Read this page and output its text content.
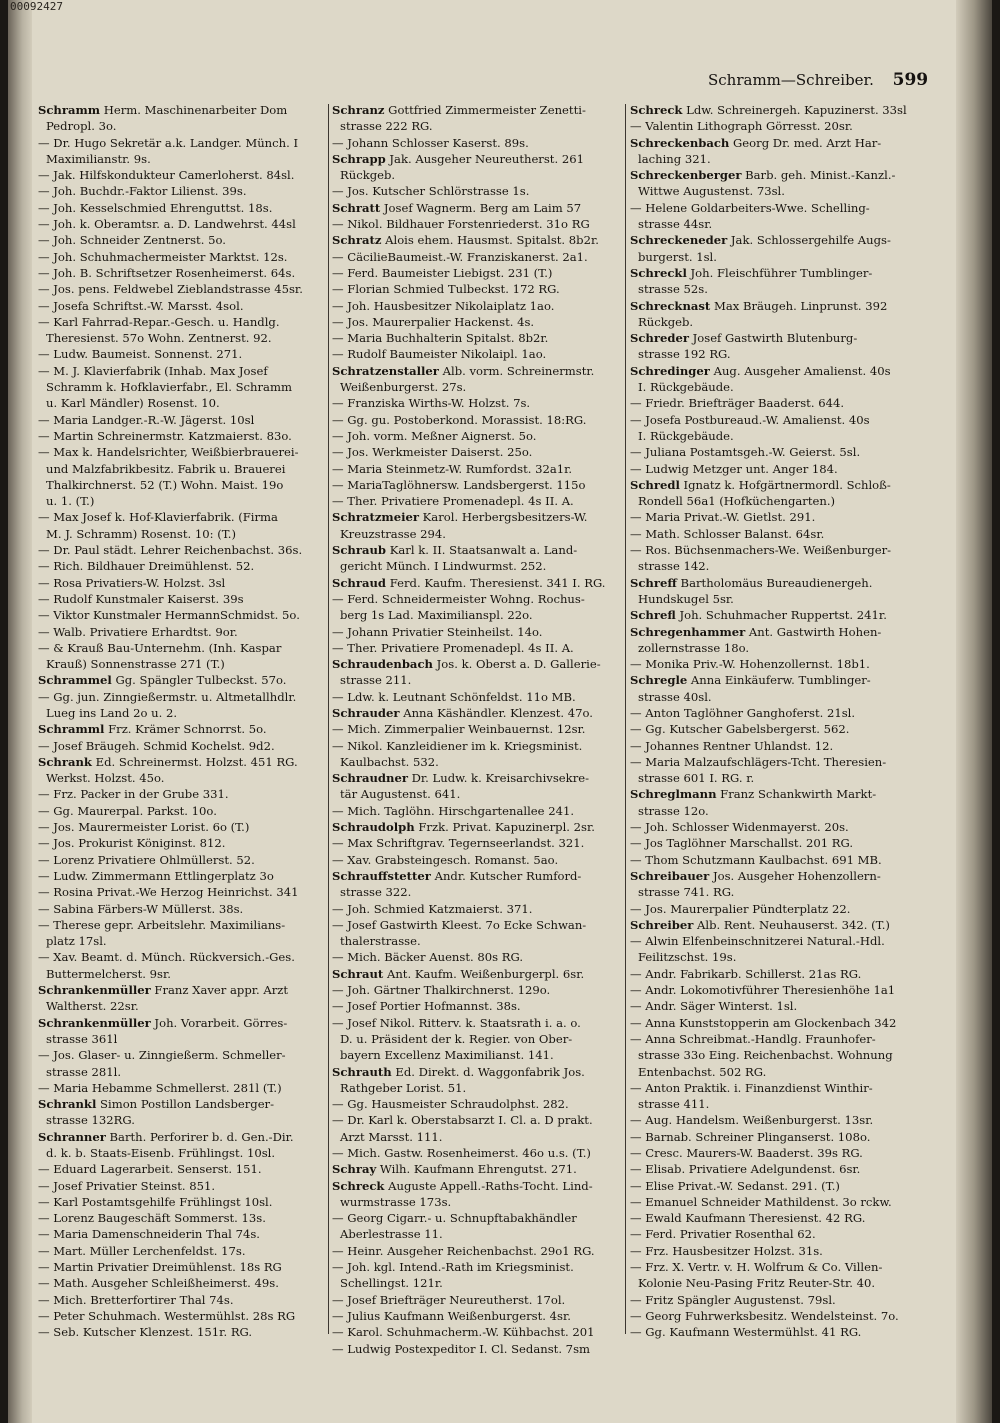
00092427
Schramm—Schreiber. 599
Schramm Herm. Maschinenarbeiter Dom
Pedropl. 3o.
— Dr. Hugo Sekretär a.k. Landger. Münch. I
Maximilianstr. 9s.
— Jak. Hilfskondukteur Camerloherst. 84sl.
— Joh. Buchdr.-Faktor Lilienst. 39s.
— Joh. Kesselschmied Ehrenguttst. 18s.
— Joh. k. Oberamtsr. a. D. Landwehrst. 44sl
— Joh. Schneider Zentnerst. 5o.
— Joh. Schuhmachermeister Marktst. 12s.
— Joh. B. Schriftsetzer Rosenheimerst. 64s.
— Jos. pens. Feldwebel Zieblandstrasse 45sr.
— Josefa Schriftst.-W. Marsst. 4sol.
— Karl Fahrrad-Repar.-Gesch. u. Handlg.
Theresienst. 57o Wohn. Zentnerst. 92.
— Ludw. Baumeist. Sonnenst. 271.
— M. J. Klavierfabrik (Inhab. Max Josef
Schramm k. Hofklavierfabr., El. Schramm
u. Karl Mändler) Rosenst. 10.
— Maria Landger.-R.-W. Jägerst. 10sl
— Martin Schreinermstr. Katzmaierst. 83o.
— Max k. Handelsrichter, Weißbierbrauerei-
und Malzfabrikbesitz. Fabrik u. Brauerei
Thalkirchnerst. 52 (T.) Wohn. Maist. 19o
u. 1. (T.)
— Max Josef k. Hof-Klavierfabrik. (Firma
M. J. Schramm) Rosenst. 10: (T.)
— Dr. Paul städt. Lehrer Reichenbachst. 36s.
— Rich. Bildhauer Dreimühlenst. 52.
— Rosa Privatiers-W. Holzst. 3sl
— Rudolf Kunstmaler Kaiserst. 39s
— Viktor Kunstmaler HermannSchmidst. 5o.
— Walb. Privatiere Erhardtst. 9or.
— & Krauß Bau-Unternehm. (Inh. Kaspar
Krauß) Sonnenstrasse 271 (T.)
Schrammel Gg. Spängler Tulbeckst. 57o.
— Gg. jun. Zinngießermstr. u. Altmetallhdlr.
Lueg ins Land 2o u. 2.
Schramml Frz. Krämer Schnorrst. 5o.
— Josef Bräugeh. Schmid Kochelst. 9d2.
Schrank Ed. Schreinermst. Holzst. 451 RG.
Werkst. Holzst. 45o.
— Frz. Packer in der Grube 331.
— Gg. Maurerpal. Parkst. 10o.
— Jos. Maurermeister Lorist. 6o (T.)
— Jos. Prokurist Königinst. 812.
— Lorenz Privatiere Ohlmüllerst. 52.
— Ludw. Zimmermann Ettlingerplatz 3o
— Rosina Privat.-We Herzog Heinrichst. 341
— Sabina Färbers-W Müllerst. 38s.
— Therese gepr. Arbeitslehr. Maximilians-
platz 17sl.
— Xav. Beamt. d. Münch. Rückversich.-Ges.
Buttermelcherst. 9sr.
Schrankenmüller Franz Xaver appr. Arzt
Waltherst. 22sr.
Schrankenmüller Joh. Vorarbeit. Görres-
strasse 361l
— Jos. Glaser- u. Zinngießerm. Schmeller-
strasse 281l.
— Maria Hebamme Schmellerst. 281l (T.)
Schrankl Simon Postillon Landsberger-
strasse 132RG.
Schranner Barth. Perforirer b. d. Gen.-Dir.
d. k. b. Staats-Eisenb. Frühlingst. 10sl.
— Eduard Lagerarbeit. Senserst. 151.
— Josef Privatier Steinst. 851.
— Karl Postamtsgehilfe Frühlingst 10sl.
— Lorenz Baugeschäft Sommerst. 13s.
— Maria Damenschneiderin Thal 74s.
— Mart. Müller Lerchenfeldst. 17s.
— Martin Privatier Dreimühlenst. 18s RG
— Math. Ausgeher Schleißheimerst. 49s.
— Mich. Bretterfortirer Thal 74s.
— Peter Schuhmach. Westermühlst. 28s RG
— Seb. Kutscher Klenzest. 151r. RG.
Schranz Gottfried Zimmermeister Zenetti-
strasse 222 RG.
— Johann Schlosser Kaserst. 89s.
Schrapp Jak. Ausgeher Neureutherst. 261
Rückgeb.
— Jos. Kutscher Schlörstrasse 1s.
Schratt Josef Wagnerm. Berg am Laim 57
— Nikol. Bildhauer Forstenriederst. 31o RG
Schratz Alois ehem. Hausmst. Spitalst. 8b2r.
— CäcilieBaumeist.-W. Franziskanerst. 2a1.
— Ferd. Baumeister Liebigst. 231 (T.)
— Florian Schmied Tulbeckst. 172 RG.
— Joh. Hausbesitzer Nikolaiplatz 1ao.
— Jos. Maurerpalier Hackenst. 4s.
— Maria Buchhalterin Spitalst. 8b2r.
— Rudolf Baumeister Nikolaipl. 1ao.
Schratzenstaller Alb. vorm. Schreinermstr.
Weißenburgerst. 27s.
— Franziska Wirths-W. Holzst. 7s.
— Gg. gu. Postoberkond. Morassist. 18:RG.
— Joh. vorm. Meßner Aignerst. 5o.
— Jos. Werkmeister Daiserst. 25o.
— Maria Steinmetz-W. Rumfordst. 32a1r.
— MariaTaglöhnersw. Landsbergerst. 115o
— Ther. Privatiere Promenadepl. 4s II. A.
Schratzmeier Karol. Herbergsbesitzers-W.
Kreuzstrasse 294.
Schraub Karl k. II. Staatsanwalt a. Land-
gericht Münch. I Lindwurmst. 252.
Schraud Ferd. Kaufm. Theresienst. 341 I. RG.
— Ferd. Schneidermeister Wohng. Rochus-
berg 1s Lad. Maximilianspl. 22o.
— Johann Privatier Steinheilst. 14o.
— Ther. Privatiere Promenadepl. 4s II. A.
Schraudenbach Jos. k. Oberst a. D. Gallerie-
strasse 211.
— Ldw. k. Leutnant Schönfeldst. 11o MB.
Schrauder Anna Käshändler. Klenzest. 47o.
— Mich. Zimmerpalier Weinbauernst. 12sr.
— Nikol. Kanzleidiener im k. Kriegsminist.
Kaulbachst. 532.
Schraudner Dr. Ludw. k. Kreisarchivsekre-
tär Augustenst. 641.
— Mich. Taglöhn. Hirschgartenallee 241.
Schraudolph Frzk. Privat. Kapuzinerpl. 2sr.
— Max Schriftgrav. Tegernseerlandst. 321.
— Xav. Grabsteingesch. Romanst. 5ao.
Schrauffstetter Andr. Kutscher Rumford-
strasse 322.
— Joh. Schmied Katzmaierst. 371.
— Josef Gastwirth Kleest. 7o Ecke Schwan-
thalerstrasse.
— Mich. Bäcker Auenst. 80s RG.
Schraut Ant. Kaufm. Weißenburgerpl. 6sr.
— Joh. Gärtner Thalkirchnerst. 129o.
— Josef Portier Hofmannst. 38s.
— Josef Nikol. Ritterv. k. Staatsrath i. a. o.
D. u. Präsident der k. Regier. von Ober-
bayern Excellenz Maximilianst. 141.
Schrauth Ed. Direkt. d. Waggonfabrik Jos.
Rathgeber Lorist. 51.
— Gg. Hausmeister Schraudolphst. 282.
— Dr. Karl k. Oberstabsarzt I. Cl. a. D prakt.
Arzt Marsst. 111.
— Mich. Gastw. Rosenheimerst. 46o u.s. (T.)
Schray Wilh. Kaufmann Ehrengutst. 271.
Schreck Auguste Appell.-Raths-Tocht. Lind-
wurmstrasse 173s.
— Georg Cigarr.- u. Schnupftabakhändler
Aberlestrasse 11.
— Heinr. Ausgeher Reichenbachst. 29o1 RG.
— Joh. kgl. Intend.-Rath im Kriegsminist.
Schellingst. 121r.
— Josef Briefträger Neureutherst. 17ol.
— Julius Kaufmann Weißenburgerst. 4sr.
— Karol. Schuhmacherm.-W. Kühbachst. 201
— Ludwig Postexpeditor I. Cl. Sedanst. 7sm
Schreck Ldw. Schreinergeh. Kapuzinerst. 33sl
— Valentin Lithograph Görresst. 20sr.
Schreckenbach Georg Dr. med. Arzt Har-
laching 321.
Schreckenberger Barb. geh. Minist.-Kanzl.-
Wittwe Augustenst. 73sl.
— Helene Goldarbeiters-Wwe. Schelling-
strasse 44sr.
Schreckeneder Jak. Schlossergehilfe Augs-
burgerst. 1sl.
Schreckl Joh. Fleischführer Tumblinger-
strasse 52s.
Schrecknast Max Bräugeh. Linprunst. 392
Rückgeb.
Schreder Josef Gastwirth Blutenburg-
strasse 192 RG.
Schredinger Aug. Ausgeher Amalienst. 40s
I. Rückgebäude.
— Friedr. Briefträger Baaderst. 644.
— Josefa Postbureaud.-W. Amalienst. 40s
I. Rückgebäude.
— Juliana Postamtsgeh.-W. Geierst. 5sl.
— Ludwig Metzger unt. Anger 184.
Schredl Ignatz k. Hofgärtnermordl. Schloß-
Rondell 56a1 (Hofküchengarten.)
— Maria Privat.-W. Gietlst. 291.
— Math. Schlosser Balanst. 64sr.
— Ros. Büchsenmachers-We. Weißenburger-
strasse 142.
Schreff Bartholomäus Bureaudienergeh.
Hundskugel 5sr.
Schrefl Joh. Schuhmacher Ruppertst. 241r.
Schregenhammer Ant. Gastwirth Hohen-
zollernstrasse 18o.
— Monika Priv.-W. Hohenzollernst. 18b1.
Schregle Anna Einkäuferw. Tumblinger-
strasse 40sl.
— Anton Taglöhner Ganghoferst. 21sl.
— Gg. Kutscher Gabelsbergerst. 562.
— Johannes Rentner Uhlandst. 12.
— Maria Malzaufschlägers-Tcht. Theresien-
strasse 601 I. RG. r.
Schreglmann Franz Schankwirth Markt-
strasse 12o.
— Joh. Schlosser Widenmayerst. 20s.
— Jos Taglöhner Marschallst. 201 RG.
— Thom Schutzmann Kaulbachst. 691 MB.
Schreibauer Jos. Ausgeher Hohenzollern-
strasse 741. RG.
— Jos. Maurerpalier Pündterplatz 22.
Schreiber Alb. Rent. Neuhauserst. 342. (T.)
— Alwin Elfenbeinschnitzerei Natural.-Hdl.
Feilitzschst. 19s.
— Andr. Fabrikarb. Schillerst. 21as RG.
— Andr. Lokomotivführer Theresienhöhe 1a1
— Andr. Säger Winterst. 1sl.
— Anna Kunststopperin am Glockenbach 342
— Anna Schreibmat.-Handlg. Fraunhofer-
strasse 33o Eing. Reichenbachst. Wohnung
Entenbachst. 502 RG.
— Anton Praktik. i. Finanzdienst Winthir-
strasse 411.
— Aug. Handelsm. Weißenburgerst. 13sr.
— Barnab. Schreiner Plinganserst. 108o.
— Cresc. Maurers-W. Baaderst. 39s RG.
— Elisab. Privatiere Adelgundenst. 6sr.
— Elise Privat.-W. Sedanst. 291. (T.)
— Emanuel Schneider Mathildenst. 3o rckw.
— Ewald Kaufmann Theresienst. 42 RG.
— Ferd. Privatier Rosenthal 62.
— Frz. Hausbesitzer Holzst. 31s.
— Frz. X. Vertr. v. H. Wolfrum & Co. Villen-
Kolonie Neu-Pasing Fritz Reuter-Str. 40.
— Fritz Spängler Augustenst. 79sl.
— Georg Fuhrwerksbesitz. Wendelsteinst. 7o.
— Gg. Kaufmann Westermühlst. 41 RG.
